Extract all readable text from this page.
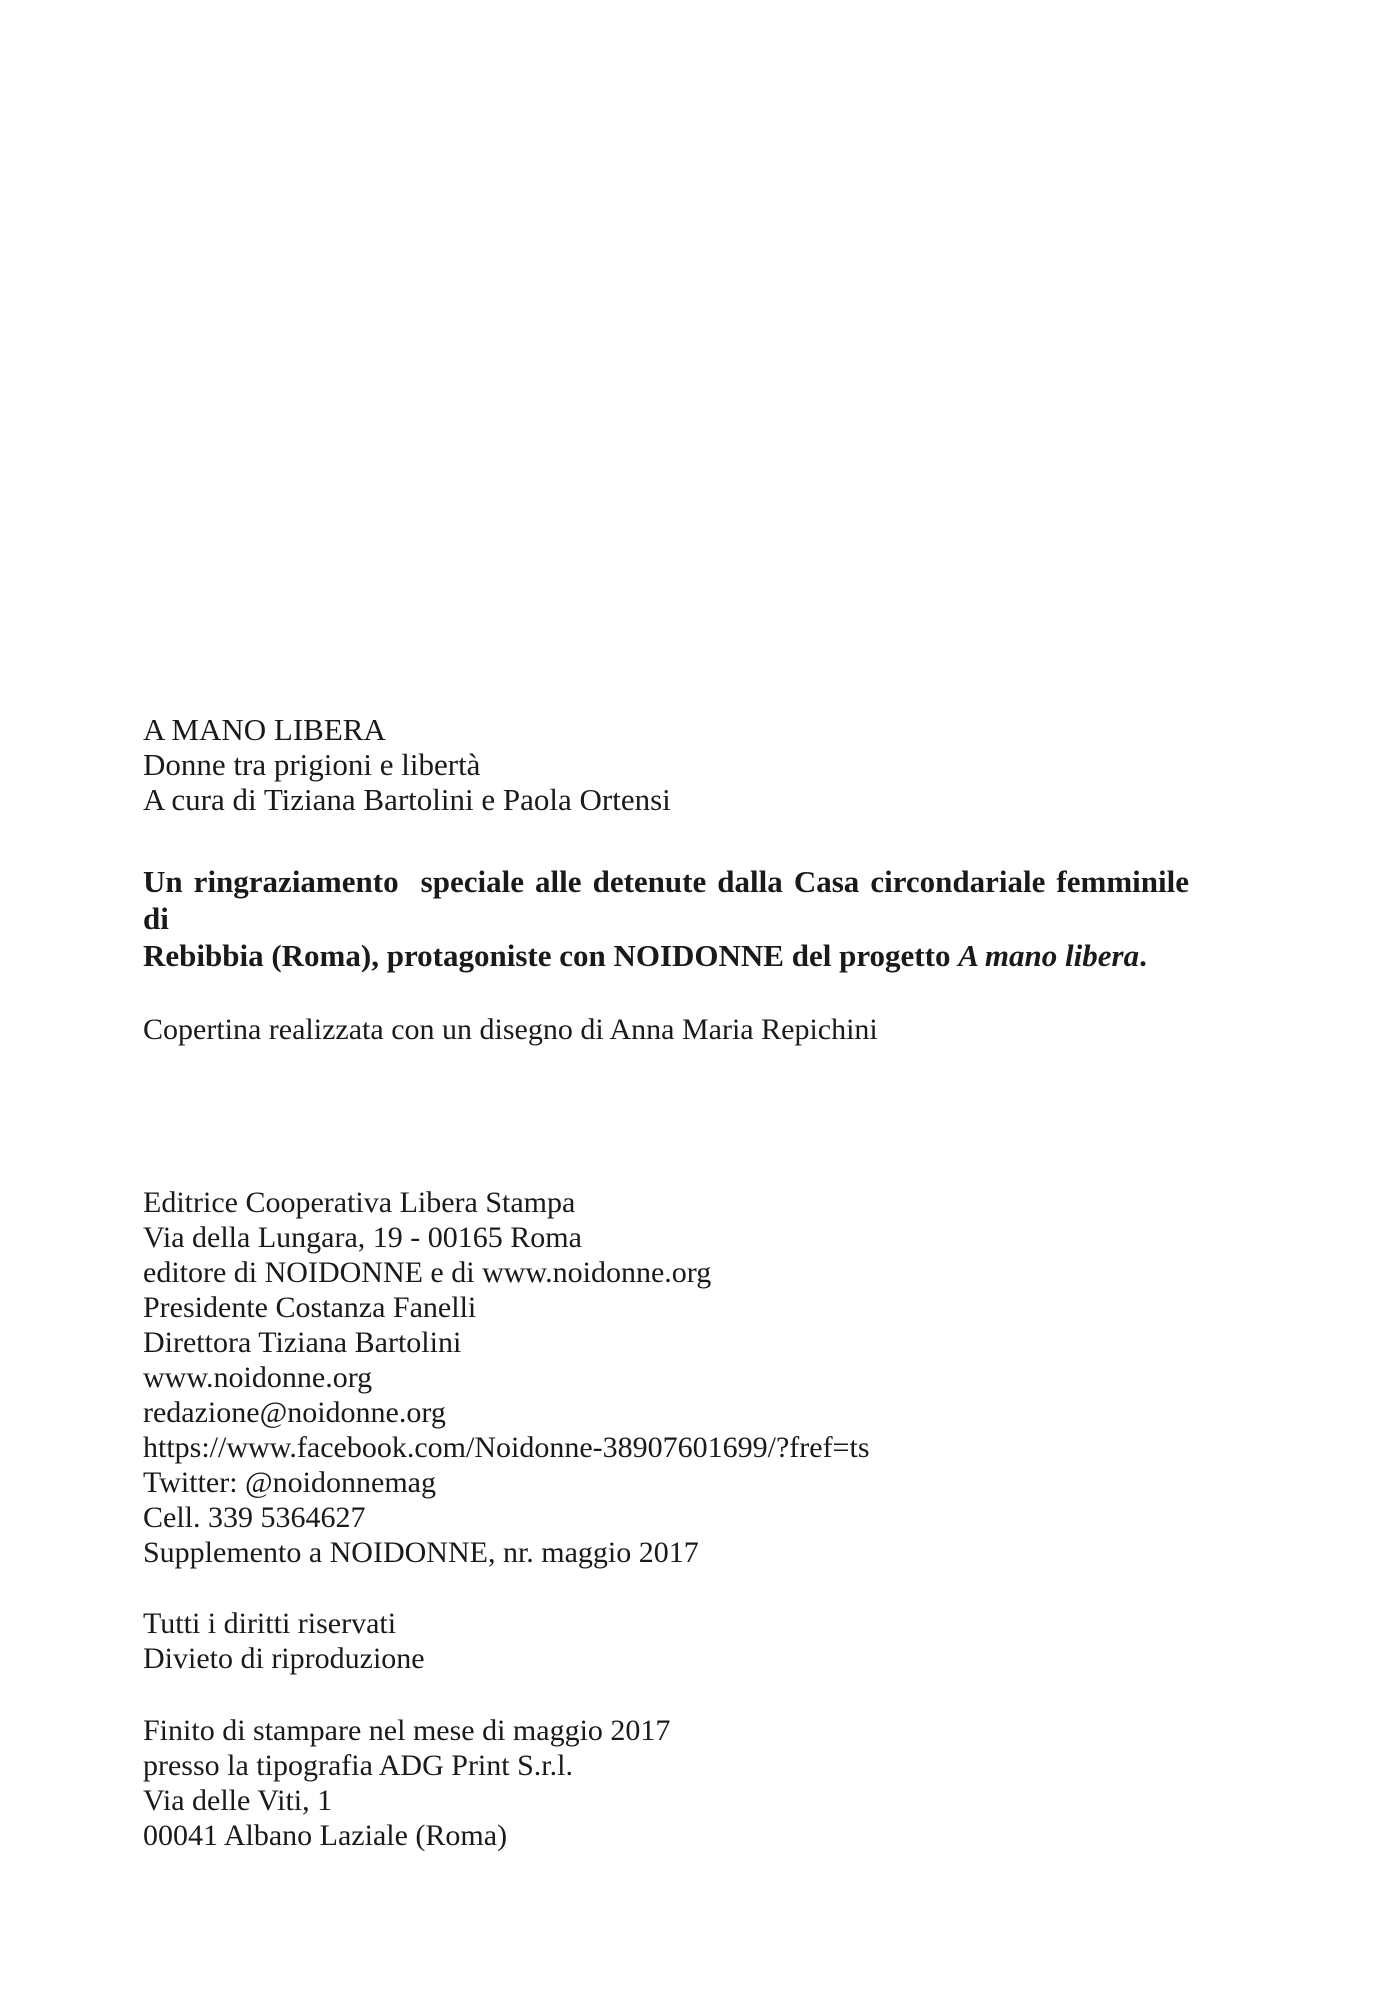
A MANO LIBERA
Donne tra prigioni e libertà
A cura di Tiziana Bartolini e Paola Ortensi
Un ringraziamento  speciale alle detenute dalla Casa circondariale femminile di
Rebibbia (Roma), protagoniste con NOIDONNE del progetto A mano libera.
Copertina realizzata con un disegno di Anna Maria Repichini
Editrice Cooperativa Libera Stampa
Via della Lungara, 19 - 00165 Roma
editore di NOIDONNE e di www.noidonne.org
Presidente Costanza Fanelli
Direttora Tiziana Bartolini
www.noidonne.org
redazione@noidonne.org
https://www.facebook.com/Noidonne-38907601699/?fref=ts
Twitter: @noidonnemag
Cell. 339 5364627
Supplemento a NOIDONNE, nr. maggio 2017
Tutti i diritti riservati
Divieto di riproduzione
Finito di stampare nel mese di maggio 2017
presso la tipografia ADG Print S.r.l.
Via delle Viti, 1
00041 Albano Laziale (Roma)
